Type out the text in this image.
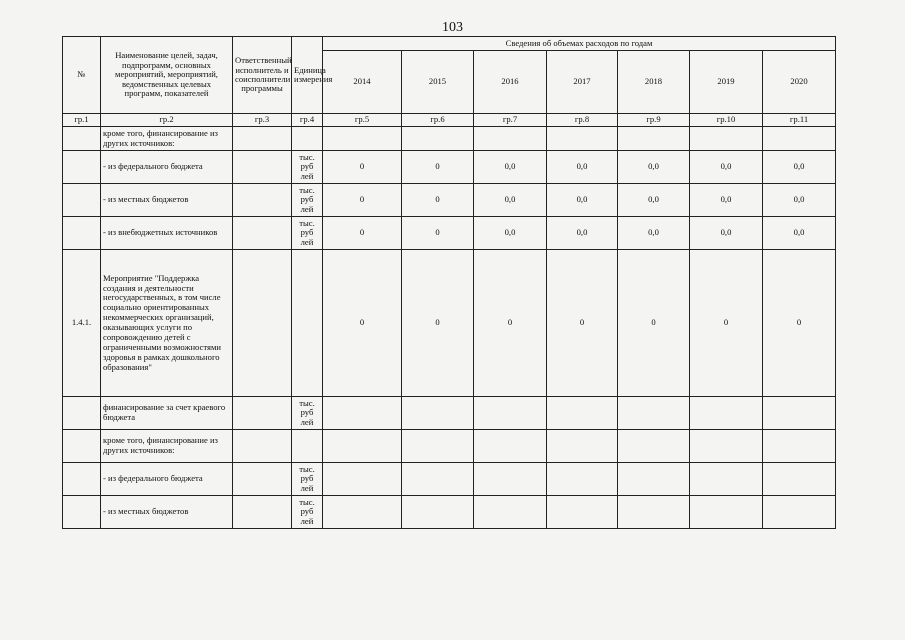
103
№	Наименование целей, задач, подпрограмм, основных мероприятий, мероприятий, ведомственных целевых программ, показателей	Ответственный исполнитель и соисполнители программы	Единица измерения	Сведения об объемах расходов по годам						
				2014	2015	2016	2017	2018	2019	2020
гр.1	гр.2	гр.3	гр.4	гр.5	гр.6	гр.7	гр.8	гр.9	гр.10	гр.11
	кроме того, финансирование из других источников:									
	- из федерального бюджета		тыс. руб лей	0	0	0,0	0,0	0,0	0,0	0,0
	- из местных бюджетов		тыс. руб лей	0	0	0,0	0,0	0,0	0,0	0,0
	- из внебюджетных источников		тыс. руб лей	0	0	0,0	0,0	0,0	0,0	0,0
1.4.1.	Мероприятие "Поддержка создания и деятельности негосударственных, в том числе социально ориентированных некоммерческих организаций, оказывающих услуги по сопровождению детей с ограниченными возможностями здоровья в рамках дошкольного образования"			0	0	0	0	0	0	0
	финансирование за счет краевого бюджета		тыс. руб лей							
	кроме того, финансирование из других источников:									
	- из федерального бюджета		тыс. руб лей							
	- из местных бюджетов		тыс. руб лей							
